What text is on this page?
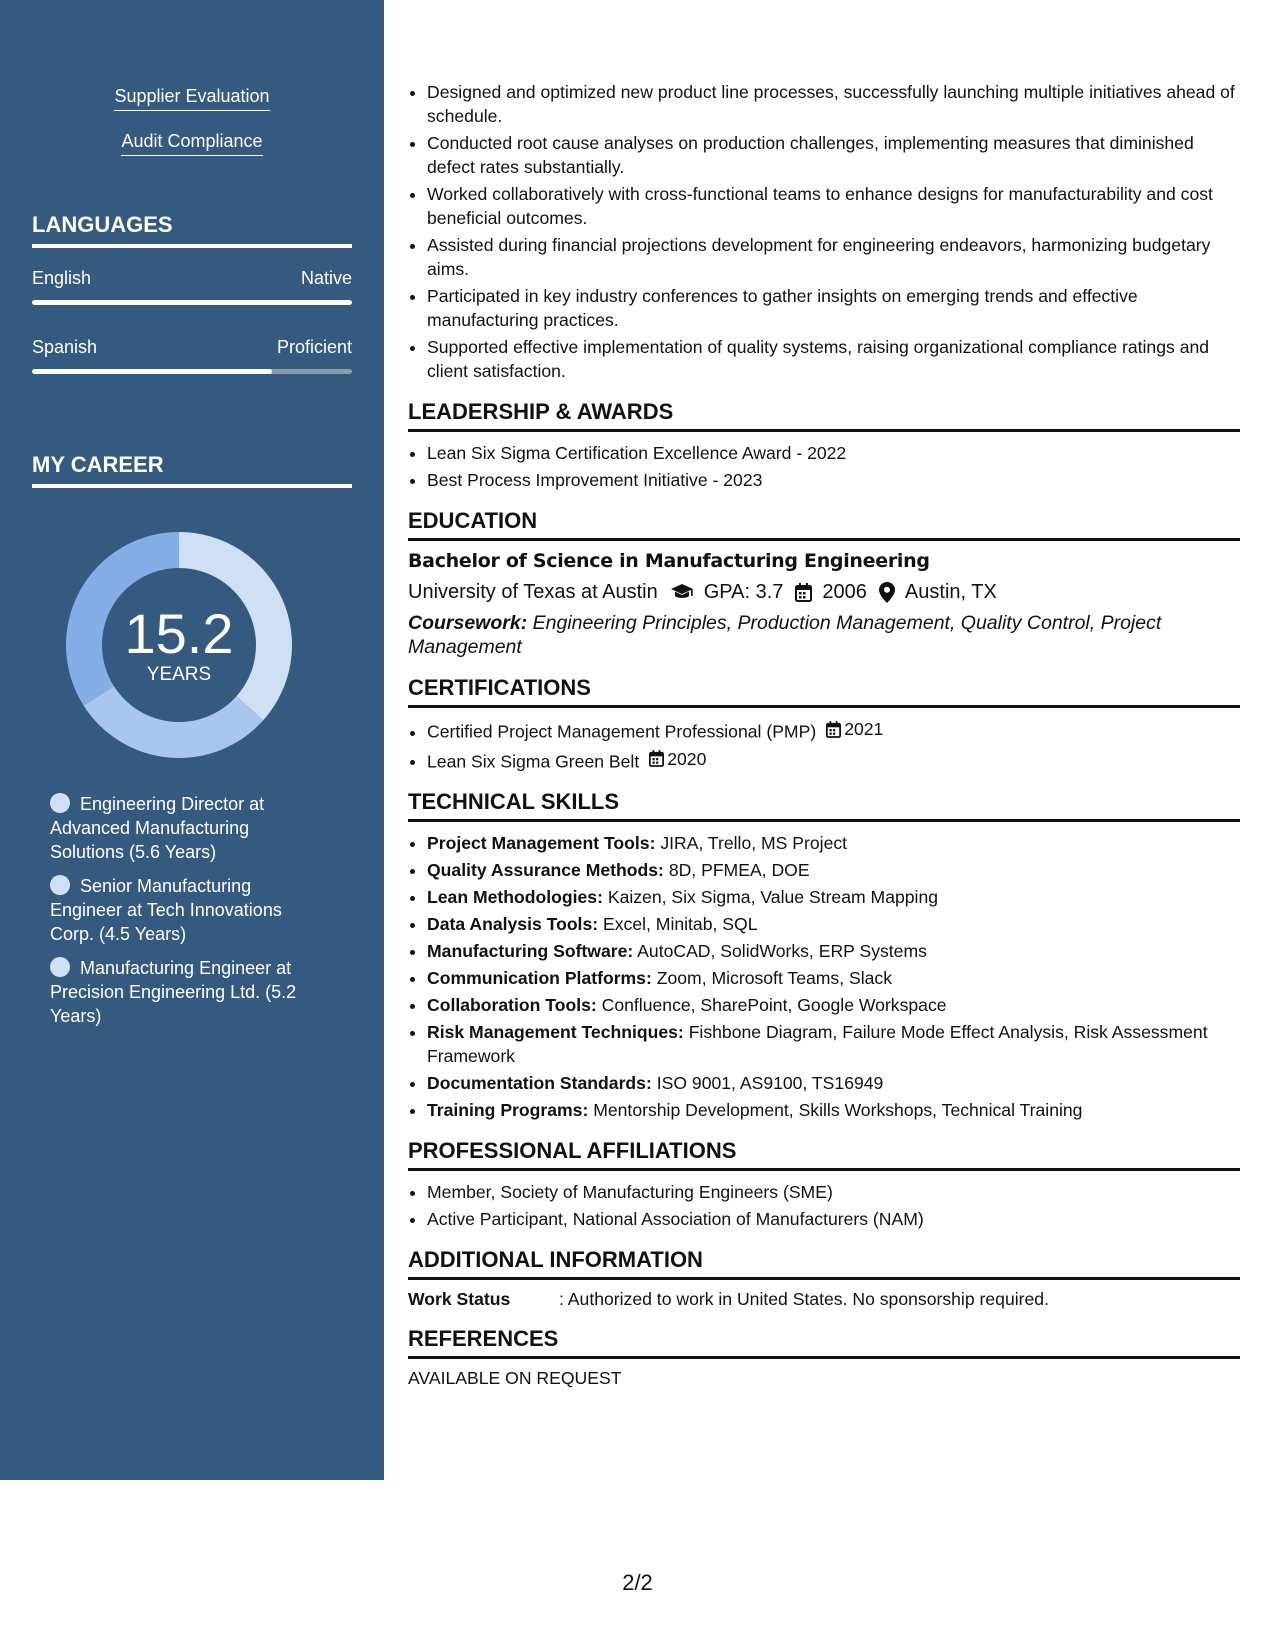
Supplier Evaluation
Audit Compliance
LANGUAGES
English	Native
Spanish	Proficient
MY CAREER
15.2
YEARS
Engineering Director at Advanced Manufacturing Solutions (5.6 Years)
Senior Manufacturing Engineer at Tech Innovations Corp. (4.5 Years)
Manufacturing Engineer at Precision Engineering Ltd. (5.2 Years)
• Designed and optimized new product line processes, successfully launching multiple initiatives ahead of schedule.
• Conducted root cause analyses on production challenges, implementing measures that diminished defect rates substantially.
• Worked collaboratively with cross-functional teams to enhance designs for manufacturability and cost beneficial outcomes.
• Assisted during financial projections development for engineering endeavors, harmonizing budgetary aims.
• Participated in key industry conferences to gather insights on emerging trends and effective manufacturing practices.
• Supported effective implementation of quality systems, raising organizational compliance ratings and client satisfaction.
LEADERSHIP & AWARDS
• Lean Six Sigma Certification Excellence Award - 2022
• Best Process Improvement Initiative - 2023
EDUCATION
Bachelor of Science in Manufacturing Engineering
University of Texas at Austin GPA: 3.7 2006 Austin, TX
Coursework: Engineering Principles, Production Management, Quality Control, Project Management
CERTIFICATIONS
• Certified Project Management Professional (PMP) 2021
• Lean Six Sigma Green Belt 2020
TECHNICAL SKILLS
• Project Management Tools: JIRA, Trello, MS Project
• Quality Assurance Methods: 8D, PFMEA, DOE
• Lean Methodologies: Kaizen, Six Sigma, Value Stream Mapping
• Data Analysis Tools: Excel, Minitab, SQL
• Manufacturing Software: AutoCAD, SolidWorks, ERP Systems
• Communication Platforms: Zoom, Microsoft Teams, Slack
• Collaboration Tools: Confluence, SharePoint, Google Workspace
• Risk Management Techniques: Fishbone Diagram, Failure Mode Effect Analysis, Risk Assessment Framework
• Documentation Standards: ISO 9001, AS9100, TS16949
• Training Programs: Mentorship Development, Skills Workshops, Technical Training
PROFESSIONAL AFFILIATIONS
• Member, Society of Manufacturing Engineers (SME)
• Active Participant, National Association of Manufacturers (NAM)
ADDITIONAL INFORMATION
Work Status	: Authorized to work in United States. No sponsorship required.
REFERENCES
AVAILABLE ON REQUEST
2/2
